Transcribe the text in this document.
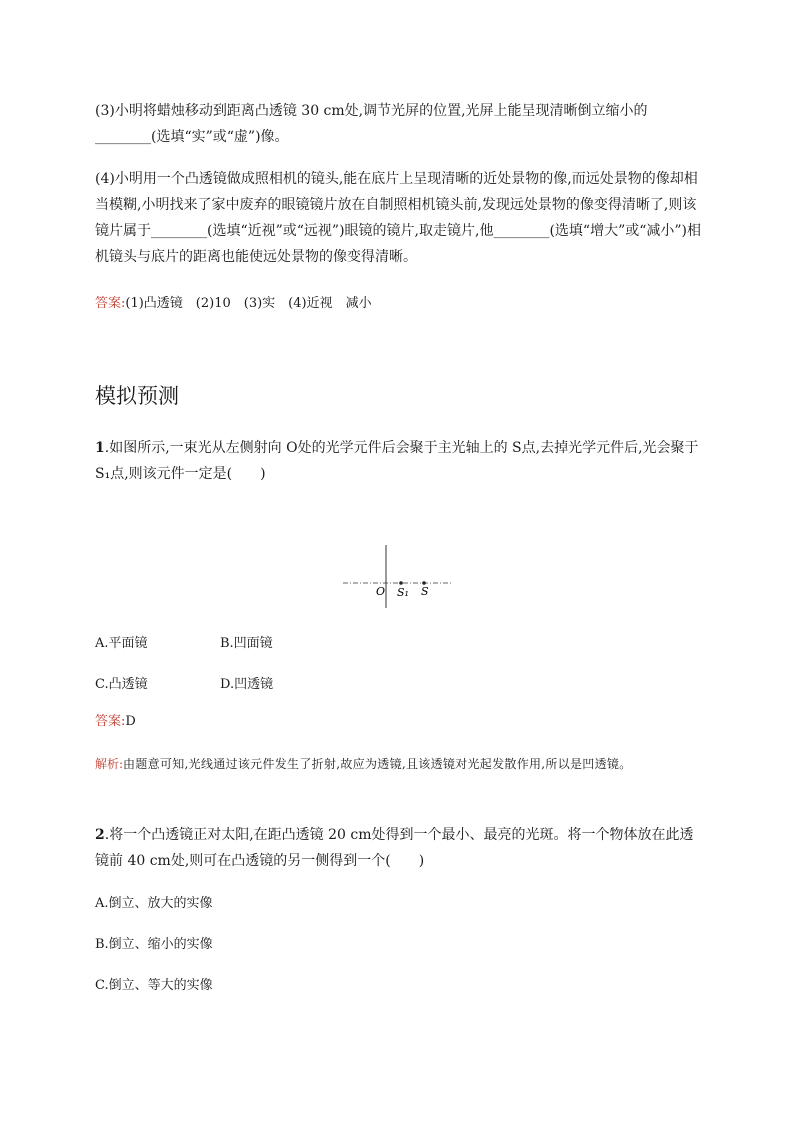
(3)小明将蜡烛移动到距离凸透镜 30 cm处,调节光屏的位置,光屏上能呈现清晰倒立缩小的________(选填“实”或“虚”)像。

(4)小明用一个凸透镜做成照相机的镜头,能在底片上呈现清晰的近处景物的像,而远处景物的像却相当模糊,小明找来了家中废弃的眼镜镜片放在自制照相机镜头前,发现远处景物的像变得清晰了,则该镜片属于________(选填“近视”或“远视”)眼镜的镜片,取走镜片,他________(选填“增大”或“减小”)相机镜头与底片的距离也能使远处景物的像变得清晰。

答案:(1)凸透镜　(2)10　(3)实　(4)近视　减小

模拟预测

1.如图所示,一束光从左侧射向 O处的光学元件后会聚于主光轴上的 S点,去掉光学元件后,光会聚于S₁点,则该元件一定是(　　)

O S₁ S
A.平面镜	B.凹面镜
C.凸透镜	D.凹透镜

答案:D

解析:由题意可知,光线通过该元件发生了折射,故应为透镜,且该透镜对光起发散作用,所以是凹透镜。

2.将一个凸透镜正对太阳,在距凸透镜 20 cm处得到一个最小、最亮的光斑。将一个物体放在此透镜前 40 cm处,则可在凸透镜的另一侧得到一个(　　)

A.倒立、放大的实像
B.倒立、缩小的实像
C.倒立、等大的实像
